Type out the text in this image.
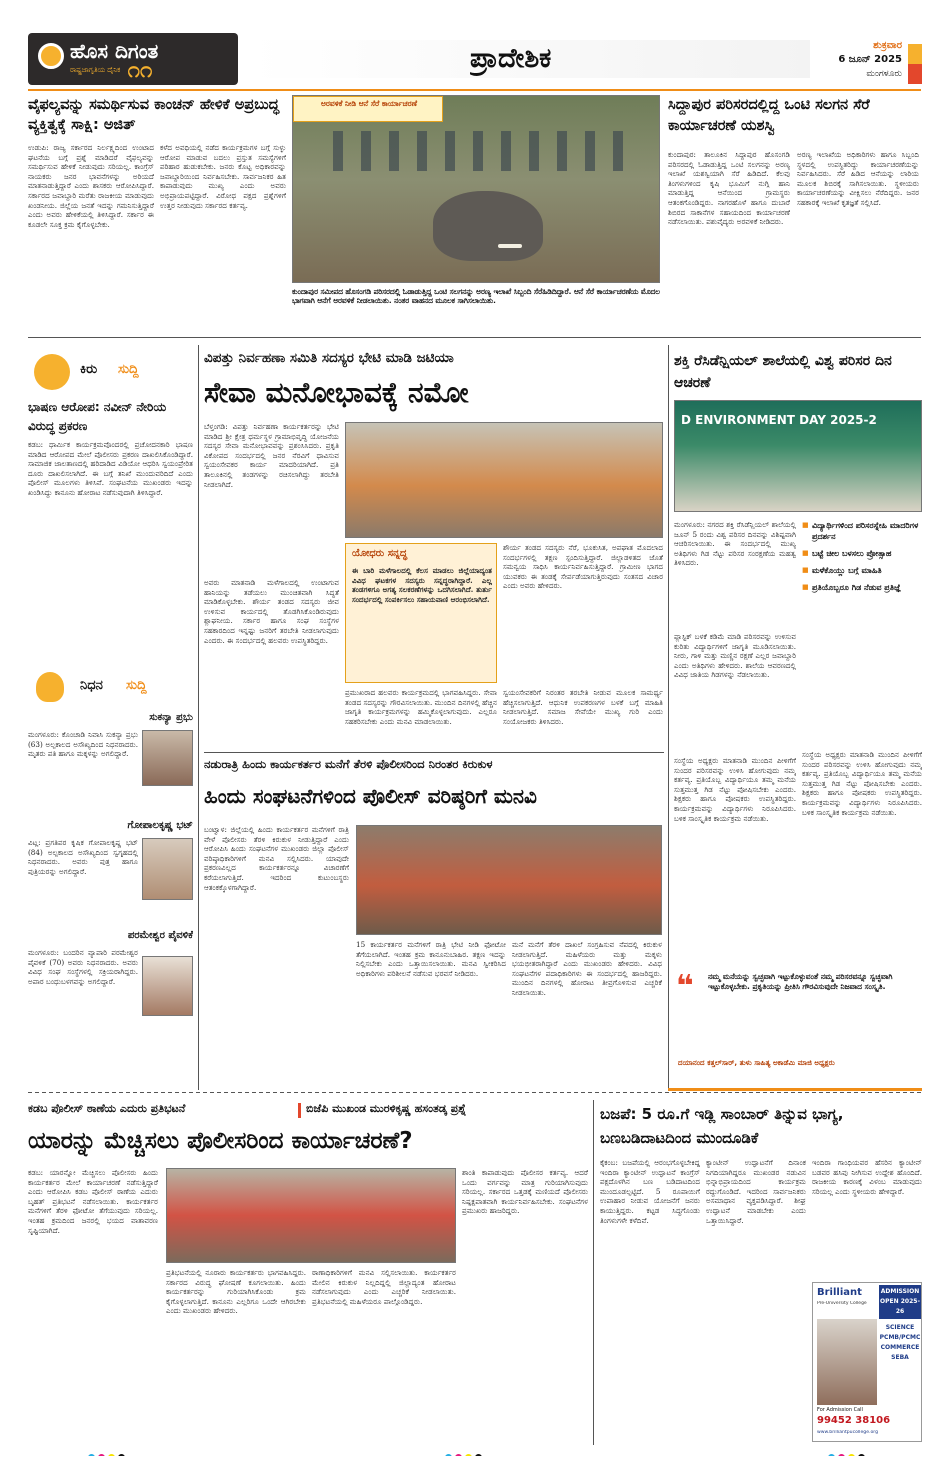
ಹೊಸ ದಿಗಂತ
ರಾಷ್ಟ್ರಜಾಗೃತಿಯ ದೈನಿಕ ೧೧	ಪ್ರಾದೇಶಿಕ	ಶುಕ್ರವಾರ
6 ಜೂನ್ 2025
ಮಂಗಳೂರು
ವೈಫಲ್ಯವನ್ನು ಸಮರ್ಥಿಸುವ ಕಾಂಚನ್ ಹೇಳಿಕೆ ಅಪ್ರಬುದ್ಧ ವ್ಯಕ್ತಿತ್ವಕ್ಕೆ ಸಾಕ್ಷಿ: ಅಜಿತ್
ಉಡುಪಿ: ರಾಜ್ಯ ಸರ್ಕಾರದ ನಿರ್ಲಕ್ಷ್ಯದಿಂದ ಉಂಟಾದ ಘಟನೆಯ ಬಗ್ಗೆ ಪ್ರಶ್ನೆ ಮಾಡಿದರೆ ವೈಫಲ್ಯವನ್ನು ಸಮರ್ಥಿಸುವ ಹೇಳಿಕೆ ನೀಡುವುದು ಸರಿಯಲ್ಲ. ಕಾಂಗ್ರೆಸ್ ನಾಯಕರು ಜನರ ಭಾವನೆಗಳನ್ನು ಅರಿಯದೆ ಮಾತನಾಡುತ್ತಿದ್ದಾರೆ ಎಂದು ಶಾಸಕರು ಆರೋಪಿಸಿದ್ದಾರೆ. ಸರ್ಕಾರದ ಜವಾಬ್ದಾರಿ ಮರೆತು ರಾಜಕೀಯ ಮಾಡುವುದು ಖಂಡನೀಯ. ಜಿಲ್ಲೆಯ ಜನತೆ ಇದನ್ನು ಗಮನಿಸುತ್ತಿದ್ದಾರೆ ಎಂದು ಅವರು ಹೇಳಿಕೆಯಲ್ಲಿ ತಿಳಿಸಿದ್ದಾರೆ. ಸರ್ಕಾರ ಈ ಕೂಡಲೇ ಸೂಕ್ತ ಕ್ರಮ ಕೈಗೊಳ್ಳಬೇಕು.
ಕಳೆದ ಅವಧಿಯಲ್ಲಿ ನಡೆದ ಕಾರ್ಯಕ್ರಮಗಳ ಬಗ್ಗೆ ಸುಳ್ಳು ಆರೋಪ ಮಾಡುವ ಬದಲು ಪ್ರಸ್ತುತ ಸಮಸ್ಯೆಗಳಿಗೆ ಪರಿಹಾರ ಹುಡುಕಬೇಕು. ಜನರು ಕೊಟ್ಟ ಅಧಿಕಾರವನ್ನು ಜವಾಬ್ದಾರಿಯಿಂದ ನಿರ್ವಹಿಸಬೇಕು. ಸಾರ್ವಜನಿಕರ ಹಿತ ಕಾಪಾಡುವುದು ಮುಖ್ಯ ಎಂದು ಅವರು ಅಭಿಪ್ರಾಯಪಟ್ಟಿದ್ದಾರೆ. ವಿರೋಧ ಪಕ್ಷದ ಪ್ರಶ್ನೆಗಳಿಗೆ ಉತ್ತರ ನೀಡುವುದು ಸರ್ಕಾರದ ಕರ್ತವ್ಯ.
ಅರವಳಿಕೆ ನೀಡಿ ಆನೆ ಸೆರೆ ಕಾರ್ಯಾಚರಣೆ
ಕುಂದಾಪುರ ಸಮೀಪದ ಹೊಸಂಗಡಿ ಪರಿಸರದಲ್ಲಿ ಓಡಾಡುತ್ತಿದ್ದ ಒಂಟಿ ಸಲಗನನ್ನು ಅರಣ್ಯ ಇಲಾಖೆ ಸಿಬ್ಬಂದಿ ಸೆರೆಹಿಡಿದಿದ್ದಾರೆ. ಆನೆ ಸೆರೆ ಕಾರ್ಯಾಚರಣೆಯ ಮೊದಲ ಭಾಗವಾಗಿ ಆನೆಗೆ ಅರವಳಿಕೆ ನೀಡಲಾಯಿತು. ನಂತರ ವಾಹನದ ಮೂಲಕ ಸಾಗಿಸಲಾಯಿತು.
ಸಿದ್ದಾಪುರ ಪರಿಸರದಲ್ಲಿದ್ದ ಒಂಟಿ ಸಲಗನ ಸೆರೆ ಕಾರ್ಯಾಚರಣೆ ಯಶಸ್ವಿ
ಕುಂದಾಪುರ: ತಾಲೂಕಿನ ಸಿದ್ದಾಪುರ ಹೊಸಂಗಡಿ ಪರಿಸರದಲ್ಲಿ ಓಡಾಡುತ್ತಿದ್ದ ಒಂಟಿ ಸಲಗನನ್ನು ಅರಣ್ಯ ಇಲಾಖೆ ಯಶಸ್ವಿಯಾಗಿ ಸೆರೆ ಹಿಡಿದಿದೆ. ಕೆಲವು ತಿಂಗಳುಗಳಿಂದ ಕೃಷಿ ಭೂಮಿಗೆ ನುಗ್ಗಿ ಹಾನಿ ಮಾಡುತ್ತಿದ್ದ ಆನೆಯಿಂದ ಗ್ರಾಮಸ್ಥರು ಆತಂಕಗೊಂಡಿದ್ದರು. ನಾಗರಹೊಳೆ ಹಾಗೂ ದುಬಾರೆ ಶಿಬಿರದ ಸಾಕಾನೆಗಳ ಸಹಾಯದಿಂದ ಕಾರ್ಯಾಚರಣೆ ನಡೆಸಲಾಯಿತು. ಪಶುವೈದ್ಯರು ಅರವಳಿಕೆ ನೀಡಿದರು.
ಅರಣ್ಯ ಇಲಾಖೆಯ ಅಧಿಕಾರಿಗಳು ಹಾಗೂ ಸಿಬ್ಬಂದಿ ಸ್ಥಳದಲ್ಲಿ ಉಪಸ್ಥಿತರಿದ್ದು ಕಾರ್ಯಾಚರಣೆಯನ್ನು ನಿರ್ವಹಿಸಿದರು. ಸೆರೆ ಹಿಡಿದ ಆನೆಯನ್ನು ಲಾರಿಯ ಮೂಲಕ ಶಿಬಿರಕ್ಕೆ ಸಾಗಿಸಲಾಯಿತು. ಸ್ಥಳೀಯರು ಕಾರ್ಯಾಚರಣೆಯನ್ನು ವೀಕ್ಷಿಸಲು ನೆರೆದಿದ್ದರು. ಜನರ ಸಹಕಾರಕ್ಕೆ ಇಲಾಖೆ ಕೃತಜ್ಞತೆ ಸಲ್ಲಿಸಿದೆ.
ಕಿರು	ಸುದ್ದಿ
ಭಾಷಣ ಆರೋಪ: ನವೀನ್ ನೇರಿಯ ವಿರುದ್ಧ ಪ್ರಕರಣ
ಕಡಬ: ಧಾರ್ಮಿಕ ಕಾರ್ಯಕ್ರಮವೊಂದರಲ್ಲಿ ಪ್ರಚೋದನಕಾರಿ ಭಾಷಣ ಮಾಡಿದ ಆರೋಪದ ಮೇಲೆ ಪೊಲೀಸರು ಪ್ರಕರಣ ದಾಖಲಿಸಿಕೊಂಡಿದ್ದಾರೆ. ಸಾಮಾಜಿಕ ಜಾಲತಾಣದಲ್ಲಿ ಹರಿದಾಡಿದ ವಿಡಿಯೋ ಆಧರಿಸಿ ಸ್ವಯಂಪ್ರೇರಿತ ದೂರು ದಾಖಲಿಸಲಾಗಿದೆ. ಈ ಬಗ್ಗೆ ತನಿಖೆ ಮುಂದುವರಿದಿದೆ ಎಂದು ಪೊಲೀಸ್ ಮೂಲಗಳು ತಿಳಿಸಿವೆ. ಸಂಘಟನೆಯ ಮುಖಂಡರು ಇದನ್ನು ಖಂಡಿಸಿದ್ದು ಕಾನೂನು ಹೋರಾಟ ನಡೆಸುವುದಾಗಿ ತಿಳಿಸಿದ್ದಾರೆ.
ನಿಧನ	ಸುದ್ದಿ
ಸುಕನ್ಯಾ ಪ್ರಭು
ಮಂಗಳೂರು: ಕೊಂಚಾಡಿ ನಿವಾಸಿ ಸುಕನ್ಯಾ ಪ್ರಭು (63) ಅಲ್ಪಕಾಲದ ಅಸೌಖ್ಯದಿಂದ ನಿಧನರಾದರು. ಮೃತರು ಪತಿ ಹಾಗೂ ಮಕ್ಕಳನ್ನು ಅಗಲಿದ್ದಾರೆ.
ಗೋಪಾಲಕೃಷ್ಣ ಭಟ್
ವಿಟ್ಲ: ಪ್ರಗತಿಪರ ಕೃಷಿಕ ಗೋಪಾಲಕೃಷ್ಣ ಭಟ್ (84) ಅಲ್ಪಕಾಲದ ಅಸೌಖ್ಯದಿಂದ ಸ್ವಗೃಹದಲ್ಲಿ ನಿಧನರಾದರು. ಅವರು ಪುತ್ರ ಹಾಗೂ ಪುತ್ರಿಯರನ್ನು ಅಗಲಿದ್ದಾರೆ.
ಪರಮೇಶ್ವರ ಪೈವಳಿಕೆ
ಮಂಗಳೂರು: ಬಂದರಿನ ವ್ಯಾಪಾರಿ ಪರಮೇಶ್ವರ ಪೈವಳಿಕೆ (70) ಅವರು ನಿಧನರಾದರು. ಅವರು ವಿವಿಧ ಸಂಘ ಸಂಸ್ಥೆಗಳಲ್ಲಿ ಸಕ್ರಿಯರಾಗಿದ್ದರು. ಅಪಾರ ಬಂಧುಬಳಗವನ್ನು ಅಗಲಿದ್ದಾರೆ.
ವಿಪತ್ತು ನಿರ್ವಹಣಾ ಸಮಿತಿ ಸದಸ್ಯರ ಭೇಟಿ ಮಾಡಿ ಜಟಿಯಾ
ಸೇವಾ ಮನೋಭಾವಕ್ಕೆ ನಮೋ
ಬೆಳ್ತಂಗಡಿ: ವಿಪತ್ತು ನಿರ್ವಹಣಾ ಕಾರ್ಯಕರ್ತರನ್ನು ಭೇಟಿ ಮಾಡಿದ ಶ್ರೀ ಕ್ಷೇತ್ರ ಧರ್ಮಸ್ಥಳ ಗ್ರಾಮಾಭಿವೃದ್ಧಿ ಯೋಜನೆಯ ಸದಸ್ಯರ ಸೇವಾ ಮನೋಭಾವವನ್ನು ಪ್ರಶಂಸಿಸಿದರು. ಪ್ರಕೃತಿ ವಿಕೋಪದ ಸಂದರ್ಭದಲ್ಲಿ ಜನರ ನೆರವಿಗೆ ಧಾವಿಸುವ ಸ್ವಯಂಸೇವಕರ ಕಾರ್ಯ ಮಾದರಿಯಾಗಿದೆ. ಪ್ರತಿ ತಾಲೂಕಿನಲ್ಲಿ ತಂಡಗಳನ್ನು ರಚಿಸಲಾಗಿದ್ದು ತರಬೇತಿ ನೀಡಲಾಗಿದೆ.
ಅವರು ಮಾತನಾಡಿ ಮಳೆಗಾಲದಲ್ಲಿ ಉಂಟಾಗುವ ಹಾನಿಯನ್ನು ತಡೆಯಲು ಮುಂಚಿತವಾಗಿ ಸಿದ್ಧತೆ ಮಾಡಿಕೊಳ್ಳಬೇಕು. ಶೌರ್ಯ ತಂಡದ ಸದಸ್ಯರು ಜೀವ ಉಳಿಸುವ ಕಾರ್ಯದಲ್ಲಿ ತೊಡಗಿಸಿಕೊಂಡಿರುವುದು ಶ್ಲಾಘನೀಯ. ಸರ್ಕಾರ ಹಾಗೂ ಸಂಘ ಸಂಸ್ಥೆಗಳ ಸಹಕಾರದಿಂದ ಇನ್ನಷ್ಟು ಜನರಿಗೆ ತರಬೇತಿ ನೀಡಲಾಗುವುದು ಎಂದರು. ಈ ಸಂದರ್ಭದಲ್ಲಿ ಹಲವರು ಉಪಸ್ಥಿತರಿದ್ದರು.
ಯೋಧರು ಸನ್ನದ್ಧ
ಈ ಬಾರಿ ಮಳೆಗಾಲದಲ್ಲಿ ಕೆಲಸ ಮಾಡಲು ಜಿಲ್ಲೆಯಾದ್ಯಂತ ವಿವಿಧ ಘಟಕಗಳ ಸದಸ್ಯರು ಸನ್ನದ್ಧರಾಗಿದ್ದಾರೆ. ಎಲ್ಲ ತಂಡಗಳಿಗೂ ಅಗತ್ಯ ಸಲಕರಣೆಗಳನ್ನು ಒದಗಿಸಲಾಗಿದೆ. ತುರ್ತು ಸಂದರ್ಭದಲ್ಲಿ ಸಂಪರ್ಕಿಸಲು ಸಹಾಯವಾಣಿ ಆರಂಭಿಸಲಾಗಿದೆ.
ಶೌರ್ಯ ತಂಡದ ಸದಸ್ಯರು ನೆರೆ, ಭೂಕುಸಿತ, ಅಪಘಾತ ಮೊದಲಾದ ಸಂದರ್ಭಗಳಲ್ಲಿ ತಕ್ಷಣ ಸ್ಪಂದಿಸುತ್ತಿದ್ದಾರೆ. ಜಿಲ್ಲಾಡಳಿತದ ಜೊತೆ ಸಮನ್ವಯ ಸಾಧಿಸಿ ಕಾರ್ಯನಿರ್ವಹಿಸುತ್ತಿದ್ದಾರೆ. ಗ್ರಾಮೀಣ ಭಾಗದ ಯುವಕರು ಈ ತಂಡಕ್ಕೆ ಸೇರ್ಪಡೆಯಾಗುತ್ತಿರುವುದು ಸಂತಸದ ವಿಚಾರ ಎಂದು ಅವರು ಹೇಳಿದರು.
ಪ್ರಮುಖರಾದ ಹಲವರು ಕಾರ್ಯಕ್ರಮದಲ್ಲಿ ಭಾಗವಹಿಸಿದ್ದರು. ಸೇವಾ ತಂಡದ ಸದಸ್ಯರನ್ನು ಗೌರವಿಸಲಾಯಿತು. ಮುಂದಿನ ದಿನಗಳಲ್ಲಿ ಹೆಚ್ಚಿನ ಜಾಗೃತಿ ಕಾರ್ಯಕ್ರಮಗಳನ್ನು ಹಮ್ಮಿಕೊಳ್ಳಲಾಗುವುದು. ಎಲ್ಲರೂ ಸಹಕರಿಸಬೇಕು ಎಂದು ಮನವಿ ಮಾಡಲಾಯಿತು.
ಸ್ವಯಂಸೇವಕರಿಗೆ ನಿರಂತರ ತರಬೇತಿ ನೀಡುವ ಮೂಲಕ ಸಾಮರ್ಥ್ಯ ಹೆಚ್ಚಿಸಲಾಗುತ್ತಿದೆ. ಆಧುನಿಕ ಉಪಕರಣಗಳ ಬಳಕೆ ಬಗ್ಗೆ ಮಾಹಿತಿ ನೀಡಲಾಗುತ್ತಿದೆ. ಸಮಾಜ ಸೇವೆಯೇ ಮುಖ್ಯ ಗುರಿ ಎಂದು ಸಂಯೋಜಕರು ತಿಳಿಸಿದರು.
ನಡುರಾತ್ರಿ ಹಿಂದು ಕಾರ್ಯಕರ್ತರ ಮನೆಗೆ ತೆರಳಿ ಪೊಲೀಸರಿಂದ ನಿರಂತರ ಕಿರುಕುಳ
ಹಿಂದು ಸಂಘಟನೆಗಳಿಂದ ಪೊಲೀಸ್ ವರಿಷ್ಠರಿಗೆ ಮನವಿ
ಬಂಟ್ವಾಳ: ಜಿಲ್ಲೆಯಲ್ಲಿ ಹಿಂದು ಕಾರ್ಯಕರ್ತರ ಮನೆಗಳಿಗೆ ರಾತ್ರಿ ವೇಳೆ ಪೊಲೀಸರು ತೆರಳಿ ಕಿರುಕುಳ ನೀಡುತ್ತಿದ್ದಾರೆ ಎಂದು ಆರೋಪಿಸಿ ಹಿಂದು ಸಂಘಟನೆಗಳ ಮುಖಂಡರು ಜಿಲ್ಲಾ ಪೊಲೀಸ್ ವರಿಷ್ಠಾಧಿಕಾರಿಗಳಿಗೆ ಮನವಿ ಸಲ್ಲಿಸಿದರು. ಯಾವುದೇ ಪ್ರಕರಣವಿಲ್ಲದ ಕಾರ್ಯಕರ್ತರನ್ನೂ ವಿಚಾರಣೆಗೆ ಕರೆಯಲಾಗುತ್ತಿದೆ. ಇದರಿಂದ ಕುಟುಂಬಸ್ಥರು ಆತಂಕಕ್ಕೊಳಗಾಗಿದ್ದಾರೆ.
15 ಕಾರ್ಯಕರ್ತರ ಮನೆಗಳಿಗೆ ರಾತ್ರಿ ಭೇಟಿ ನೀಡಿ ಫೋಟೋ ತೆಗೆಯಲಾಗಿದೆ. ಇಂತಹ ಕ್ರಮ ಕಾನೂನುಬಾಹಿರ. ತಕ್ಷಣ ಇದನ್ನು ನಿಲ್ಲಿಸಬೇಕು ಎಂದು ಒತ್ತಾಯಿಸಲಾಯಿತು. ಮನವಿ ಸ್ವೀಕರಿಸಿದ ಅಧಿಕಾರಿಗಳು ಪರಿಶೀಲನೆ ನಡೆಸುವ ಭರವಸೆ ನೀಡಿದರು.
ಮನೆ ಮನೆಗೆ ತೆರಳಿ ದಾಖಲೆ ಸಂಗ್ರಹಿಸುವ ನೆಪದಲ್ಲಿ ಕಿರುಕುಳ ನೀಡಲಾಗುತ್ತಿದೆ. ಮಹಿಳೆಯರು ಮತ್ತು ಮಕ್ಕಳು ಭಯಭೀತರಾಗಿದ್ದಾರೆ ಎಂದು ಮುಖಂಡರು ಹೇಳಿದರು. ವಿವಿಧ ಸಂಘಟನೆಗಳ ಪದಾಧಿಕಾರಿಗಳು ಈ ಸಂದರ್ಭದಲ್ಲಿ ಹಾಜರಿದ್ದರು. ಮುಂದಿನ ದಿನಗಳಲ್ಲಿ ಹೋರಾಟ ತೀವ್ರಗೊಳಿಸುವ ಎಚ್ಚರಿಕೆ ನೀಡಲಾಯಿತು.
ಶಕ್ತಿ ರೆಸಿಡೆನ್ಷಿಯಲ್ ಶಾಲೆಯಲ್ಲಿ ವಿಶ್ವ ಪರಿಸರ ದಿನ ಆಚರಣೆ
D ENVIRONMENT DAY 2025-2
ಮಂಗಳೂರು: ನಗರದ ಶಕ್ತಿ ರೆಸಿಡೆನ್ಷಿಯಲ್ ಶಾಲೆಯಲ್ಲಿ ಜೂನ್ 5 ರಂದು ವಿಶ್ವ ಪರಿಸರ ದಿನವನ್ನು ವಿಶಿಷ್ಟವಾಗಿ ಆಚರಿಸಲಾಯಿತು. ಈ ಸಂದರ್ಭದಲ್ಲಿ ಮುಖ್ಯ ಅತಿಥಿಗಳು ಗಿಡ ನೆಟ್ಟು ಪರಿಸರ ಸಂರಕ್ಷಣೆಯ ಮಹತ್ವ ತಿಳಿಸಿದರು.
■ ವಿದ್ಯಾರ್ಥಿಗಳಿಂದ ಪರಿಸರಸ್ನೇಹಿ ಮಾದರಿಗಳ ಪ್ರದರ್ಶನ
■ ಬಟ್ಟೆ ಚೀಲ ಬಳಸಲು ಪ್ರೋತ್ಸಾಹ
■ ಮಳೆಕೊಯ್ಲು ಬಗ್ಗೆ ಮಾಹಿತಿ
■ ಪ್ರತಿಯೊಬ್ಬರೂ ಗಿಡ ನೆಡುವ ಪ್ರತಿಜ್ಞೆ
ಪ್ಲಾಸ್ಟಿಕ್ ಬಳಕೆ ಕಡಿಮೆ ಮಾಡಿ ಪರಿಸರವನ್ನು ಉಳಿಸುವ ಕುರಿತು ವಿದ್ಯಾರ್ಥಿಗಳಿಗೆ ಜಾಗೃತಿ ಮೂಡಿಸಲಾಯಿತು. ನೀರು, ಗಾಳಿ ಮತ್ತು ಮಣ್ಣಿನ ರಕ್ಷಣೆ ಎಲ್ಲರ ಜವಾಬ್ದಾರಿ ಎಂದು ಅತಿಥಿಗಳು ಹೇಳಿದರು. ಶಾಲೆಯ ಆವರಣದಲ್ಲಿ ವಿವಿಧ ಜಾತಿಯ ಗಿಡಗಳನ್ನು ನೆಡಲಾಯಿತು.
ಸಂಸ್ಥೆಯ ಅಧ್ಯಕ್ಷರು ಮಾತನಾಡಿ ಮುಂದಿನ ಪೀಳಿಗೆಗೆ ಸುಂದರ ಪರಿಸರವನ್ನು ಉಳಿಸಿ ಹೋಗುವುದು ನಮ್ಮ ಕರ್ತವ್ಯ. ಪ್ರತಿಯೊಬ್ಬ ವಿದ್ಯಾರ್ಥಿಯೂ ತಮ್ಮ ಮನೆಯ ಸುತ್ತಮುತ್ತ ಗಿಡ ನೆಟ್ಟು ಪೋಷಿಸಬೇಕು ಎಂದರು. ಶಿಕ್ಷಕರು ಹಾಗೂ ಪೋಷಕರು ಉಪಸ್ಥಿತರಿದ್ದರು. ಕಾರ್ಯಕ್ರಮವನ್ನು ವಿದ್ಯಾರ್ಥಿಗಳು ನಿರೂಪಿಸಿದರು. ಬಳಿಕ ಸಾಂಸ್ಕೃತಿಕ ಕಾರ್ಯಕ್ರಮ ನಡೆಯಿತು.
ಸಂಸ್ಥೆಯ ಅಧ್ಯಕ್ಷರು ಮಾತನಾಡಿ ಮುಂದಿನ ಪೀಳಿಗೆಗೆ ಸುಂದರ ಪರಿಸರವನ್ನು ಉಳಿಸಿ ಹೋಗುವುದು ನಮ್ಮ ಕರ್ತವ್ಯ. ಪ್ರತಿಯೊಬ್ಬ ವಿದ್ಯಾರ್ಥಿಯೂ ತಮ್ಮ ಮನೆಯ ಸುತ್ತಮುತ್ತ ಗಿಡ ನೆಟ್ಟು ಪೋಷಿಸಬೇಕು ಎಂದರು. ಶಿಕ್ಷಕರು ಹಾಗೂ ಪೋಷಕರು ಉಪಸ್ಥಿತರಿದ್ದರು. ಕಾರ್ಯಕ್ರಮವನ್ನು ವಿದ್ಯಾರ್ಥಿಗಳು ನಿರೂಪಿಸಿದರು. ಬಳಿಕ ಸಾಂಸ್ಕೃತಿಕ ಕಾರ್ಯಕ್ರಮ ನಡೆಯಿತು.
❝	ನಮ್ಮ ಮನೆಯನ್ನು ಸ್ವಚ್ಛವಾಗಿ ಇಟ್ಟುಕೊಳ್ಳುವಂತೆ ನಮ್ಮ ಪರಿಸರವನ್ನೂ ಸ್ವಚ್ಛವಾಗಿ ಇಟ್ಟುಕೊಳ್ಳಬೇಕು. ಪ್ರಕೃತಿಯನ್ನು ಪ್ರೀತಿಸಿ ಗೌರವಿಸುವುದೇ ನಿಜವಾದ ಸಂಸ್ಕೃತಿ.
ದಯಾನಂದ ಕತ್ತಲ್‌ಸಾರ್, ತುಳು ಸಾಹಿತ್ಯ ಅಕಾಡೆಮಿ ಮಾಜಿ ಅಧ್ಯಕ್ಷರು
ಕಡಬ ಪೊಲೀಸ್ ಠಾಣೆಯ ಎದುರು ಪ್ರತಿಭಟನೆ	ಬಿಜೆಪಿ ಮುಖಂಡ ಮುರಳಿಕೃಷ್ಣ ಹಸಂತಡ್ಕ ಪ್ರಶ್ನೆ
ಯಾರನ್ನು ಮೆಚ್ಚಿಸಲು ಪೊಲೀಸರಿಂದ ಕಾರ್ಯಾಚರಣೆ?
ಕಡಬ: ಯಾರನ್ನೋ ಮೆಚ್ಚಿಸಲು ಪೊಲೀಸರು ಹಿಂದು ಕಾರ್ಯಕರ್ತರ ಮೇಲೆ ಕಾರ್ಯಾಚರಣೆ ನಡೆಸುತ್ತಿದ್ದಾರೆ ಎಂದು ಆರೋಪಿಸಿ ಕಡಬ ಪೊಲೀಸ್ ಠಾಣೆಯ ಎದುರು ಬೃಹತ್ ಪ್ರತಿಭಟನೆ ನಡೆಸಲಾಯಿತು. ಕಾರ್ಯಕರ್ತರ ಮನೆಗಳಿಗೆ ತೆರಳಿ ಫೋಟೋ ತೆಗೆಯುವುದು ಸರಿಯಲ್ಲ. ಇಂತಹ ಕ್ರಮದಿಂದ ಜನರಲ್ಲಿ ಭಯದ ವಾತಾವರಣ ಸೃಷ್ಟಿಯಾಗಿದೆ.
ಪ್ರತಿಭಟನೆಯಲ್ಲಿ ನೂರಾರು ಕಾರ್ಯಕರ್ತರು ಭಾಗವಹಿಸಿದ್ದರು. ಸರ್ಕಾರದ ವಿರುದ್ಧ ಘೋಷಣೆ ಕೂಗಲಾಯಿತು. ಹಿಂದು ಕಾರ್ಯಕರ್ತರನ್ನು ಗುರಿಯಾಗಿಸಿಕೊಂಡು ಕ್ರಮ ಕೈಗೊಳ್ಳಲಾಗುತ್ತಿದೆ. ಕಾನೂನು ಎಲ್ಲರಿಗೂ ಒಂದೇ ಆಗಿರಬೇಕು ಎಂದು ಮುಖಂಡರು ಹೇಳಿದರು.
ಠಾಣಾಧಿಕಾರಿಗಳಿಗೆ ಮನವಿ ಸಲ್ಲಿಸಲಾಯಿತು. ಕಾರ್ಯಕರ್ತರ ಮೇಲಿನ ಕಿರುಕುಳ ನಿಲ್ಲದಿದ್ದಲ್ಲಿ ಜಿಲ್ಲಾದ್ಯಂತ ಹೋರಾಟ ನಡೆಸಲಾಗುವುದು ಎಂದು ಎಚ್ಚರಿಕೆ ನೀಡಲಾಯಿತು. ಪ್ರತಿಭಟನೆಯಲ್ಲಿ ಮಹಿಳೆಯರೂ ಪಾಲ್ಗೊಂಡಿದ್ದರು.
ಶಾಂತಿ ಕಾಪಾಡುವುದು ಪೊಲೀಸರ ಕರ್ತವ್ಯ. ಆದರೆ ಒಂದು ವರ್ಗವನ್ನು ಮಾತ್ರ ಗುರಿಯಾಗಿಸುವುದು ಸರಿಯಲ್ಲ. ಸರ್ಕಾರದ ಒತ್ತಡಕ್ಕೆ ಮಣಿಯದೆ ಪೊಲೀಸರು ನಿಷ್ಪಕ್ಷಪಾತವಾಗಿ ಕಾರ್ಯನಿರ್ವಹಿಸಬೇಕು. ಸಂಘಟನೆಗಳ ಪ್ರಮುಖರು ಹಾಜರಿದ್ದರು.
ಬಜಪೆ: 5 ರೂ.ಗೆ ಇಡ್ಲಿ ಸಾಂಬಾರ್ ತಿನ್ನುವ ಭಾಗ್ಯ, ಬಣಬಡಿದಾಟದಿಂದ ಮುಂದೂಡಿಕೆ
ಕೈಕಂಬ: ಬಜಪೆಯಲ್ಲಿ ಆರಂಭಗೊಳ್ಳಬೇಕಿದ್ದ ಇಂದಿರಾ ಕ್ಯಾಂಟೀನ್ ಉದ್ಘಾಟನೆ ಕಾಂಗ್ರೆಸ್ ಪಕ್ಷದೊಳಗಿನ ಬಣ ಬಡಿದಾಟದಿಂದ ಮುಂದೂಡಲ್ಪಟ್ಟಿದೆ. 5 ರೂಪಾಯಿಗೆ ಉಪಾಹಾರ ನೀಡುವ ಯೋಜನೆಗೆ ಜನರು ಕಾಯುತ್ತಿದ್ದರು. ಕಟ್ಟಡ ಸಿದ್ಧಗೊಂಡು ತಿಂಗಳುಗಳೇ ಕಳೆದಿವೆ.
ಕ್ಯಾಂಟೀನ್ ಉದ್ಘಾಟನೆಗೆ ದಿನಾಂಕ ನಿಗದಿಯಾಗಿದ್ದರೂ ಮುಖಂಡರ ನಡುವಿನ ಭಿನ್ನಾಭಿಪ್ರಾಯದಿಂದ ಕಾರ್ಯಕ್ರಮ ರದ್ದುಗೊಂಡಿದೆ. ಇದರಿಂದ ಸಾರ್ವಜನಿಕರು ಅಸಮಾಧಾನ ವ್ಯಕ್ತಪಡಿಸಿದ್ದಾರೆ. ಶೀಘ್ರ ಉದ್ಘಾಟನೆ ಮಾಡಬೇಕು ಎಂದು ಒತ್ತಾಯಿಸಿದ್ದಾರೆ.
ಇಂದಿರಾ ಗಾಂಧಿಯವರ ಹೆಸರಿನ ಕ್ಯಾಂಟೀನ್ ಬಡವರ ಹಸಿವು ನೀಗಿಸುವ ಉದ್ದೇಶ ಹೊಂದಿದೆ. ರಾಜಕೀಯ ಕಾರಣಕ್ಕೆ ವಿಳಂಬ ಮಾಡುವುದು ಸರಿಯಲ್ಲ ಎಂದು ಸ್ಥಳೀಯರು ಹೇಳಿದ್ದಾರೆ.
Brilliant
Pre-University College
ADMISSION OPEN 2025-26
SCIENCE PCMB/PCMC COMMERCE SEBA
For Admission Call
99452 38106
www.brilliantpucollege.org
